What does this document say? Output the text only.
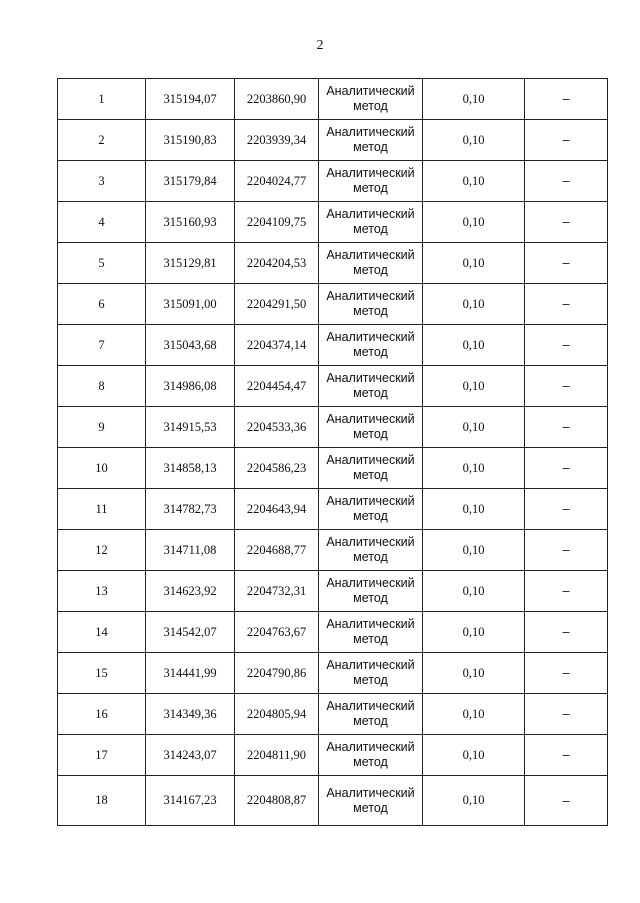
2
1	315194,07	2203860,90	Аналитический
метод	0,10	–
2	315190,83	2203939,34	Аналитический
метод	0,10	–
3	315179,84	2204024,77	Аналитический
метод	0,10	–
4	315160,93	2204109,75	Аналитический
метод	0,10	–
5	315129,81	2204204,53	Аналитический
метод	0,10	–
6	315091,00	2204291,50	Аналитический
метод	0,10	–
7	315043,68	2204374,14	Аналитический
метод	0,10	–
8	314986,08	2204454,47	Аналитический
метод	0,10	–
9	314915,53	2204533,36	Аналитический
метод	0,10	–
10	314858,13	2204586,23	Аналитический
метод	0,10	–
11	314782,73	2204643,94	Аналитический
метод	0,10	–
12	314711,08	2204688,77	Аналитический
метод	0,10	–
13	314623,92	2204732,31	Аналитический
метод	0,10	–
14	314542,07	2204763,67	Аналитический
метод	0,10	–
15	314441,99	2204790,86	Аналитический
метод	0,10	–
16	314349,36	2204805,94	Аналитический
метод	0,10	–
17	314243,07	2204811,90	Аналитический
метод	0,10	–
18	314167,23	2204808,87	Аналитический
метод	0,10	–
